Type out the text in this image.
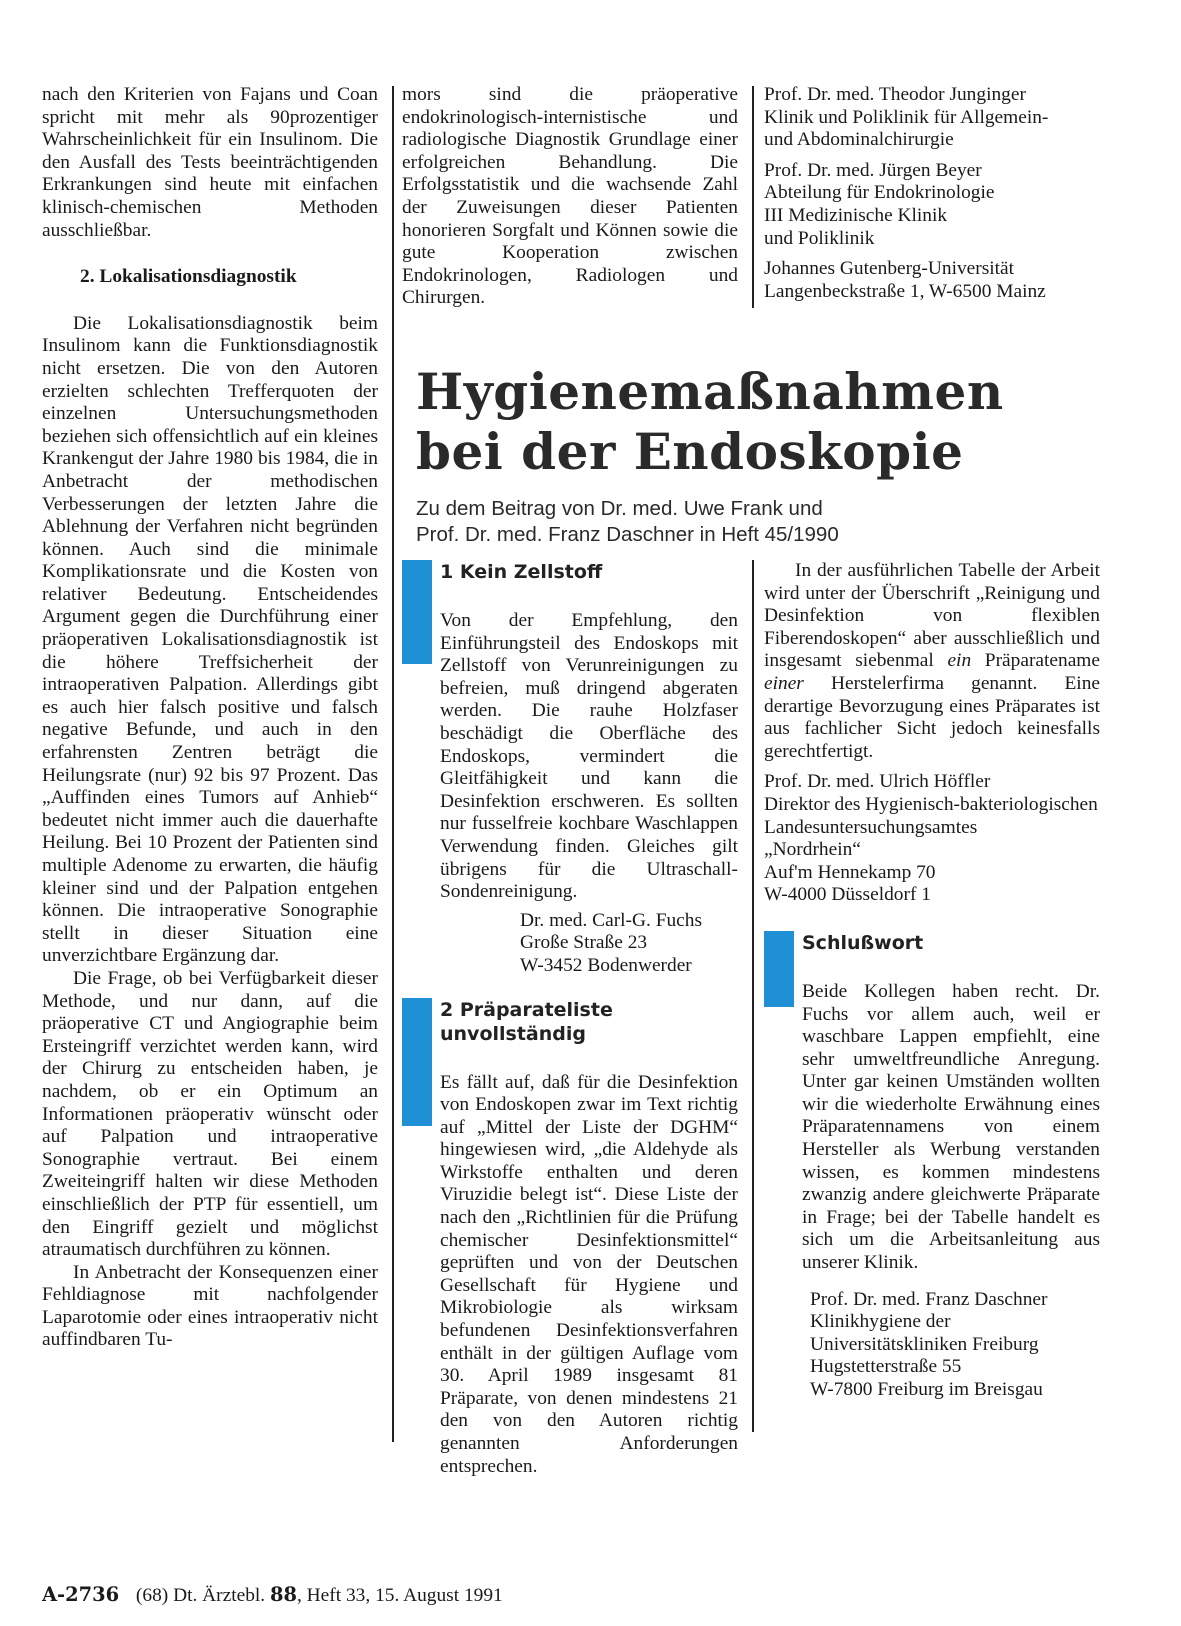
nach den Kriterien von Fajans und Coan spricht mit mehr als 90prozentiger Wahrscheinlichkeit für ein Insulinom. Die den Ausfall des Tests beeinträchtigenden Erkrankungen sind heute mit einfachen klinisch-chemischen Methoden ausschließbar.

2. Lokalisationsdiagnostik

Die Lokalisationsdiagnostik beim Insulinom kann die Funktionsdiagnostik nicht ersetzen. Die von den Autoren erzielten schlechten Trefferquoten der einzelnen Untersuchungsmethoden beziehen sich offensichtlich auf ein kleines Krankengut der Jahre 1980 bis 1984, die in Anbetracht der methodischen Verbesserungen der letzten Jahre die Ablehnung der Verfahren nicht begründen können. Auch sind die minimale Komplikationsrate und die Kosten von relativer Bedeutung. Entscheidendes Argument gegen die Durchführung einer präoperativen Lokalisationsdiagnostik ist die höhere Treffsicherheit der intraoperativen Palpation. Allerdings gibt es auch hier falsch positive und falsch negative Befunde, und auch in den erfahrensten Zentren beträgt die Heilungsrate (nur) 92 bis 97 Prozent. Das „Auffinden eines Tumors auf Anhieb“ bedeutet nicht immer auch die dauerhafte Heilung. Bei 10 Prozent der Patienten sind multiple Adenome zu erwarten, die häufig kleiner sind und der Palpation entgehen können. Die intraoperative Sonographie stellt in dieser Situation eine unverzichtbare Ergänzung dar.

Die Frage, ob bei Verfügbarkeit dieser Methode, und nur dann, auf die präoperative CT und Angiographie beim Ersteingriff verzichtet werden kann, wird der Chirurg zu entscheiden haben, je nachdem, ob er ein Optimum an Informationen präoperativ wünscht oder auf Palpation und intraoperative Sonographie vertraut. Bei einem Zweiteingriff halten wir diese Methoden einschließlich der PTP für essentiell, um den Eingriff gezielt und möglichst atraumatisch durchführen zu können.

In Anbetracht der Konsequenzen einer Fehldiagnose mit nachfolgender Laparotomie oder eines intraoperativ nicht auffindbaren Tu-

mors sind die präoperative endokrinologisch-internistische und radiologische Diagnostik Grundlage einer erfolgreichen Behandlung. Die Erfolgsstatistik und die wachsende Zahl der Zuweisungen dieser Patienten honorieren Sorgfalt und Können sowie die gute Kooperation zwischen Endokrinologen, Radiologen und Chirurgen.

Prof. Dr. med. Theodor Junginger
Klinik und Poliklinik für Allgemein-
und Abdominalchirurgie
Prof. Dr. med. Jürgen Beyer
Abteilung für Endokrinologie
III Medizinische Klinik
und Poliklinik
Johannes Gutenberg-Universität
Langenbeckstraße 1, W-6500 Mainz
Hygienemaßnahmen
bei der Endoskopie
Zu dem Beitrag von Dr. med. Uwe Frank und
Prof. Dr. med. Franz Daschner in Heft 45/1990
1 Kein Zellstoff

Von der Empfehlung, den Einführungsteil des Endoskops mit Zellstoff von Verunreinigungen zu befreien, muß dringend abgeraten werden. Die rauhe Holzfaser beschädigt die Oberfläche des Endoskops, vermindert die Gleitfähigkeit und kann die Desinfektion erschweren. Es sollten nur fusselfreie kochbare Waschlappen Verwendung finden. Gleiches gilt übrigens für die Ultraschall-Sondenreinigung.

Dr. med. Carl-G. Fuchs
Große Straße 23
W-3452 Bodenwerder
2 Präparateliste
unvollständig

Es fällt auf, daß für die Desinfektion von Endoskopen zwar im Text richtig auf „Mittel der Liste der DGHM“ hingewiesen wird, „die Aldehyde als Wirkstoffe enthalten und deren Viruzidie belegt ist“. Diese Liste der nach den „Richtlinien für die Prüfung chemischer Desinfektionsmittel“ geprüften und von der Deutschen Gesellschaft für Hygiene und Mikrobiologie als wirksam befundenen Desinfektionsverfahren enthält in der gültigen Auflage vom 30. April 1989 insgesamt 81 Präparate, von denen mindestens 21 den von den Autoren richtig genannten Anforderungen entsprechen.

In der ausführlichen Tabelle der Arbeit wird unter der Überschrift „Reinigung und Desinfektion von flexiblen Fiberendoskopen“ aber ausschließlich und insgesamt siebenmal ein Präparatename einer Herstelerfirma genannt. Eine derartige Bevorzugung eines Präparates ist aus fachlicher Sicht jedoch keinesfalls gerechtfertigt.

Prof. Dr. med. Ulrich Höffler
Direktor des Hygienisch-bakteriologischen Landesuntersuchungsamtes
„Nordrhein“
Auf'm Hennekamp 70
W-4000 Düsseldorf 1
Schlußwort

Beide Kollegen haben recht. Dr. Fuchs vor allem auch, weil er waschbare Lappen empfiehlt, eine sehr umweltfreundliche Anregung. Unter gar keinen Umständen wollten wir die wiederholte Erwähnung eines Präparatennamens von einem Hersteller als Werbung verstanden wissen, es kommen mindestens zwanzig andere gleichwerte Präparate in Frage; bei der Tabelle handelt es sich um die Arbeitsanleitung aus unserer Klinik.

Prof. Dr. med. Franz Daschner
Klinikhygiene der
Universitätskliniken Freiburg
Hugstetterstraße 55
W-7800 Freiburg im Breisgau
A-2736 (68) Dt. Ärztebl. 88, Heft 33, 15. August 1991
